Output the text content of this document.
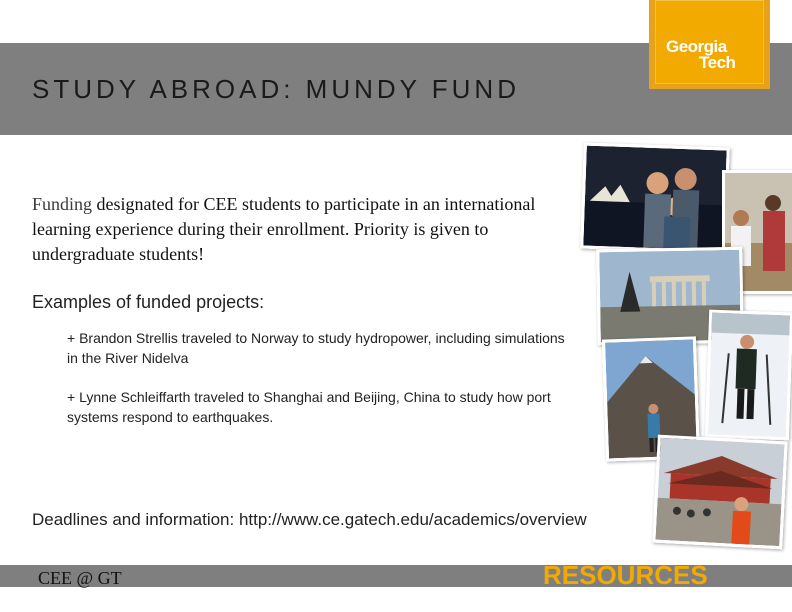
STUDY ABROAD: MUNDY FUND
Georgia
Tech
Funding designated for CEE students to participate in an international learning experience during their enrollment. Priority is given to undergraduate students!
Examples of funded projects:
+ Brandon Strellis traveled to Norway to study hydropower, including simulations in the River Nidelva
+ Lynne Schleiffarth traveled to Shanghai and Beijing, China to study how port systems respond to earthquakes.
Deadlines and information: http://www.ce.gatech.edu/academics/overview
CEE @ GT	RESOURCES
